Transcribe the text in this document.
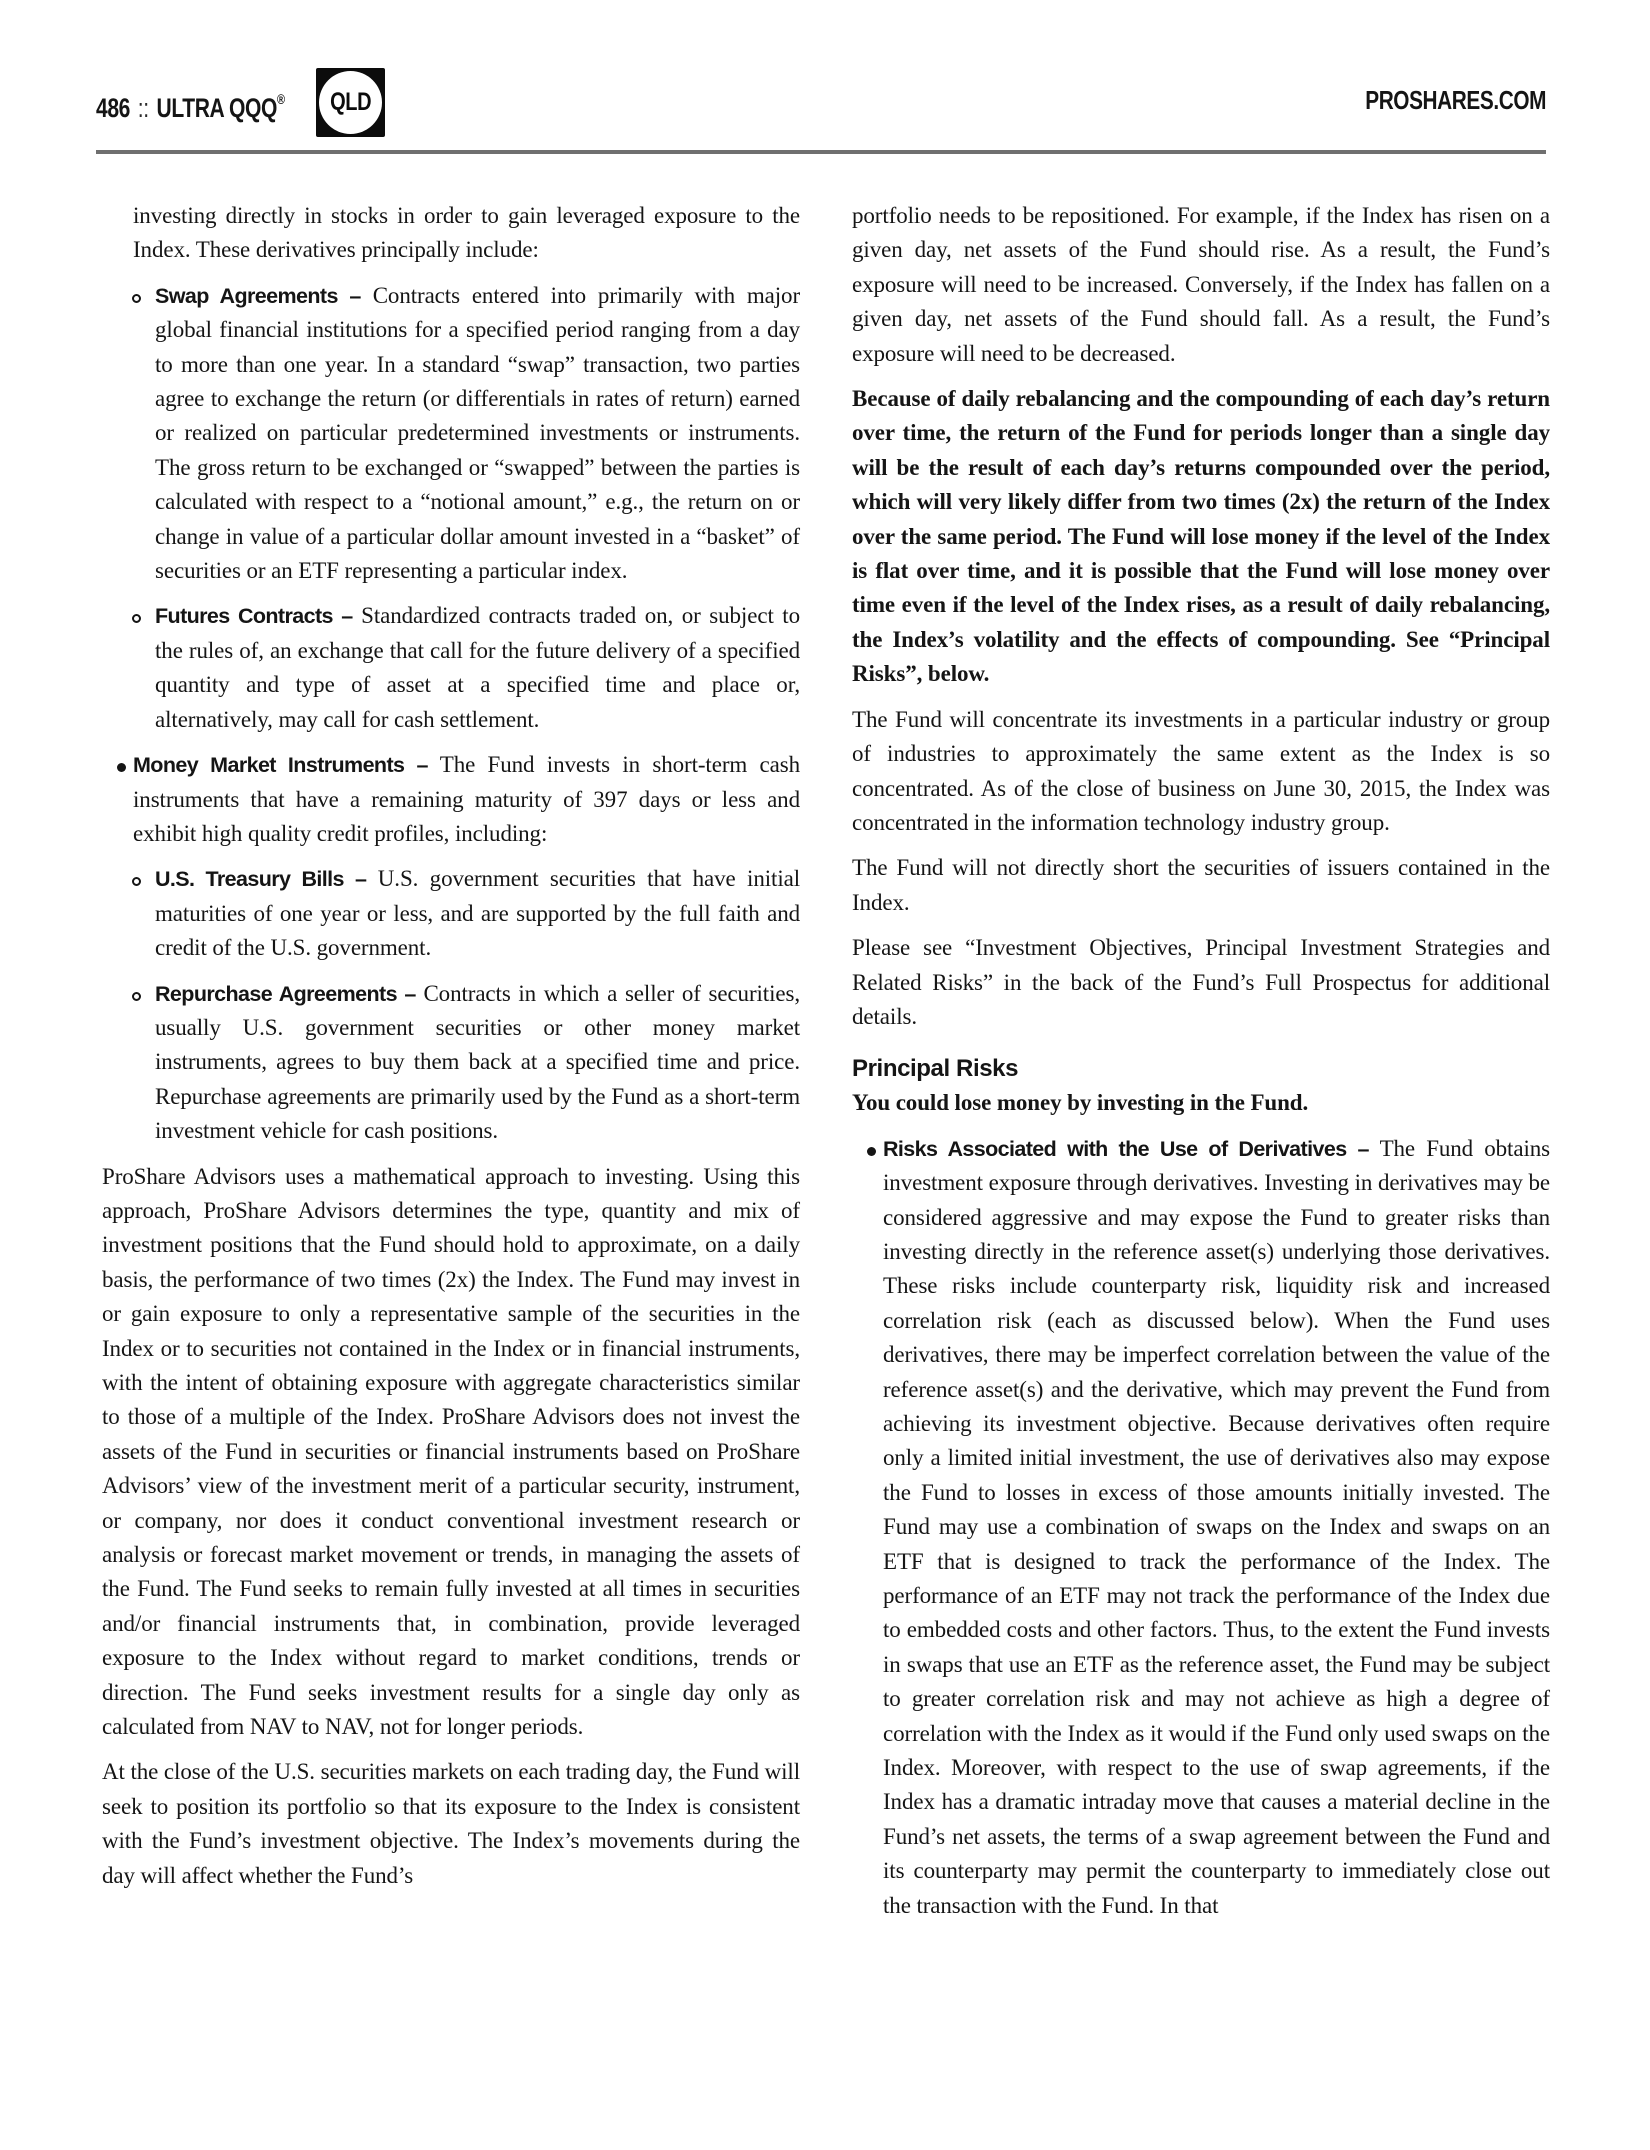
486 :: ULTRA QQQ® QLD	PROSHARES.COM

investing directly in stocks in order to gain leveraged exposure to the Index. These derivatives principally include:

Swap Agreements – Contracts entered into primarily with major global financial institutions for a specified period ranging from a day to more than one year. In a standard “swap” transaction, two parties agree to exchange the return (or differentials in rates of return) earned or realized on particular predetermined investments or instruments. The gross return to be exchanged or “swapped” between the parties is calculated with respect to a “notional amount,” e.g., the return on or change in value of a particular dollar amount invested in a “basket” of securities or an ETF representing a particular index.
Futures Contracts – Standardized contracts traded on, or subject to the rules of, an exchange that call for the future delivery of a specified quantity and type of asset at a specified time and place or, alternatively, may call for cash settlement.
Money Market Instruments – The Fund invests in short-term cash instruments that have a remaining maturity of 397 days or less and exhibit high quality credit profiles, including:
U.S. Treasury Bills – U.S. government securities that have initial maturities of one year or less, and are supported by the full faith and credit of the U.S. government.
Repurchase Agreements – Contracts in which a seller of securities, usually U.S. government securities or other money market instruments, agrees to buy them back at a specified time and price. Repurchase agreements are primarily used by the Fund as a short-term investment vehicle for cash positions.

ProShare Advisors uses a mathematical approach to investing. Using this approach, ProShare Advisors determines the type, quantity and mix of investment positions that the Fund should hold to approximate, on a daily basis, the performance of two times (2x) the Index. The Fund may invest in or gain exposure to only a representative sample of the securities in the Index or to securities not contained in the Index or in financial instruments, with the intent of obtaining exposure with aggregate characteristics similar to those of a multiple of the Index. ProShare Advisors does not invest the assets of the Fund in securities or financial instruments based on ProShare Advisors’ view of the investment merit of a particular security, instrument, or company, nor does it conduct conventional investment research or analysis or forecast market movement or trends, in managing the assets of the Fund. The Fund seeks to remain fully invested at all times in securities and/or financial instruments that, in combination, provide leveraged exposure to the Index without regard to market conditions, trends or direction. The Fund seeks investment results for a single day only as calculated from NAV to NAV, not for longer periods.

At the close of the U.S. securities markets on each trading day, the Fund will seek to position its portfolio so that its exposure to the Index is consistent with the Fund’s investment objective. The Index’s movements during the day will affect whether the Fund’s

portfolio needs to be repositioned. For example, if the Index has risen on a given day, net assets of the Fund should rise. As a result, the Fund’s exposure will need to be increased. Conversely, if the Index has fallen on a given day, net assets of the Fund should fall. As a result, the Fund’s exposure will need to be decreased.

Because of daily rebalancing and the compounding of each day’s return over time, the return of the Fund for periods longer than a single day will be the result of each day’s returns compounded over the period, which will very likely differ from two times (2x) the return of the Index over the same period. The Fund will lose money if the level of the Index is flat over time, and it is possible that the Fund will lose money over time even if the level of the Index rises, as a result of daily rebalancing, the Index’s volatility and the effects of compounding. See “Principal Risks”, below.

The Fund will concentrate its investments in a particular industry or group of industries to approximately the same extent as the Index is so concentrated. As of the close of business on June 30, 2015, the Index was concentrated in the information technology industry group.

The Fund will not directly short the securities of issuers contained in the Index.

Please see “Investment Objectives, Principal Investment Strategies and Related Risks” in the back of the Fund’s Full Prospectus for additional details.

Principal Risks

You could lose money by investing in the Fund.

Risks Associated with the Use of Derivatives – The Fund obtains investment exposure through derivatives. Investing in derivatives may be considered aggressive and may expose the Fund to greater risks than investing directly in the reference asset(s) underlying those derivatives. These risks include counterparty risk, liquidity risk and increased correlation risk (each as discussed below). When the Fund uses derivatives, there may be imperfect correlation between the value of the reference asset(s) and the derivative, which may prevent the Fund from achieving its investment objective. Because derivatives often require only a limited initial investment, the use of derivatives also may expose the Fund to losses in excess of those amounts initially invested. The Fund may use a combination of swaps on the Index and swaps on an ETF that is designed to track the performance of the Index. The performance of an ETF may not track the performance of the Index due to embedded costs and other factors. Thus, to the extent the Fund invests in swaps that use an ETF as the reference asset, the Fund may be subject to greater correlation risk and may not achieve as high a degree of correlation with the Index as it would if the Fund only used swaps on the Index. Moreover, with respect to the use of swap agreements, if the Index has a dramatic intraday move that causes a material decline in the Fund’s net assets, the terms of a swap agreement between the Fund and its counterparty may permit the counterparty to immediately close out the transaction with the Fund. In that
